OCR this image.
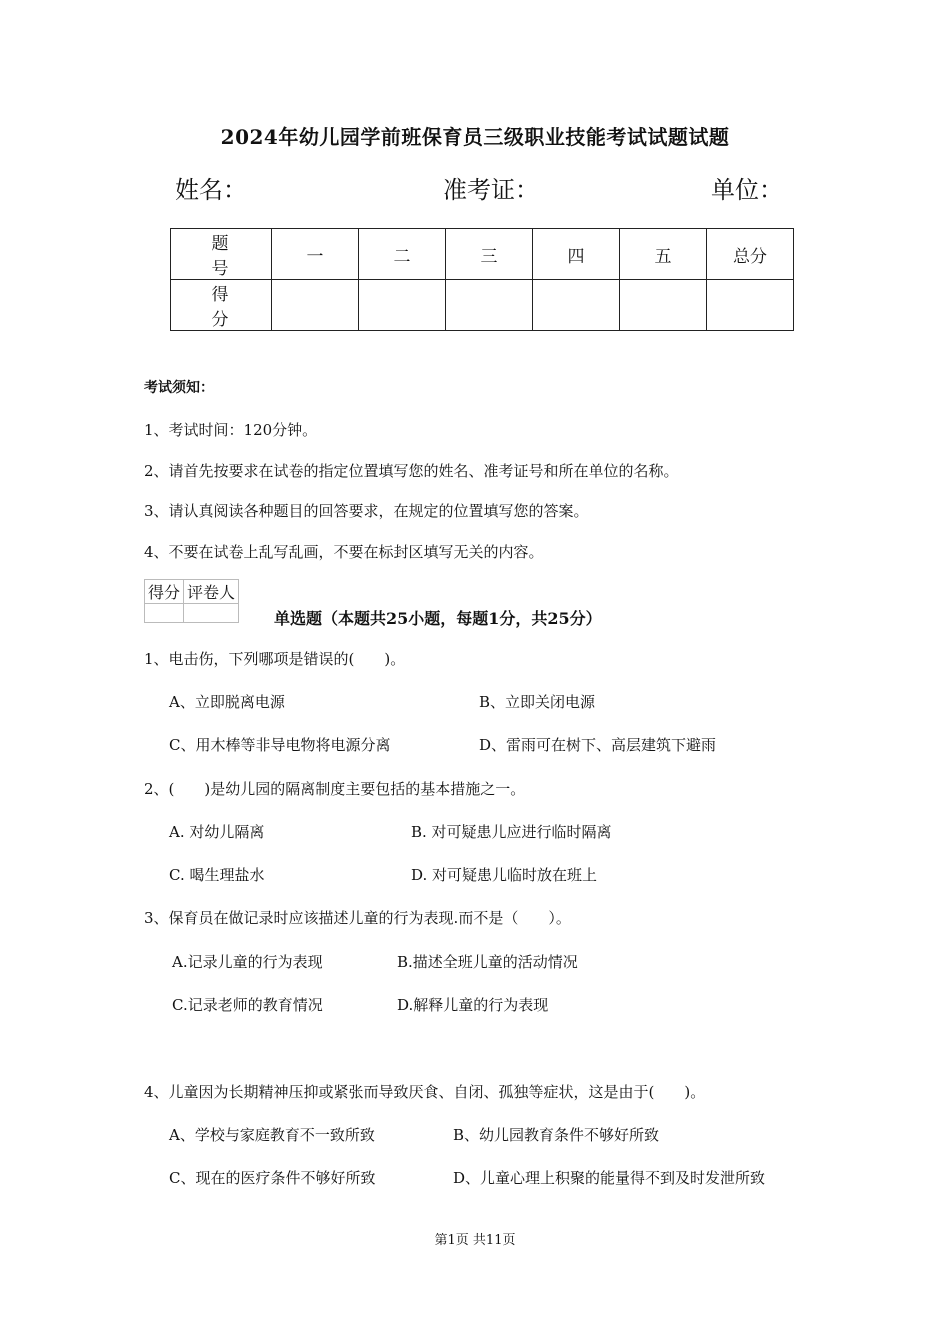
2024年幼儿园学前班保育员三级职业技能考试试题试题
姓名：	准考证：	单位：
题　号	一	二	三	四	五	总分
得　分						
考试须知：
1、考试时间：120分钟。
2、请首先按要求在试卷的指定位置填写您的姓名、准考证号和所在单位的名称。
3、请认真阅读各种题目的回答要求，在规定的位置填写您的答案。
4、不要在试卷上乱写乱画，不要在标封区填写无关的内容。
得分	评卷人

单选题（本题共25小题，每题1分，共25分）
1、电击伤，下列哪项是错误的(　　)。
A、立即脱离电源	B、立即关闭电源
C、用木棒等非导电物将电源分离	D、雷雨可在树下、高层建筑下避雨
2、(　　)是幼儿园的隔离制度主要包括的基本措施之一。
A. 对幼儿隔离	B. 对可疑患儿应进行临时隔离
C. 喝生理盐水	D. 对可疑患儿临时放在班上
3、保育员在做记录时应该描述儿童的行为表现.而不是（　　）。
A.记录儿童的行为表现	B.描述全班儿童的活动情况
C.记录老师的教育情况	D.解释儿童的行为表现
4、儿童因为长期精神压抑或紧张而导致厌食、自闭、孤独等症状，这是由于(　　)。
A、学校与家庭教育不一致所致	B、幼儿园教育条件不够好所致
C、现在的医疗条件不够好所致	D、儿童心理上积聚的能量得不到及时发泄所致
第1页 共11页
